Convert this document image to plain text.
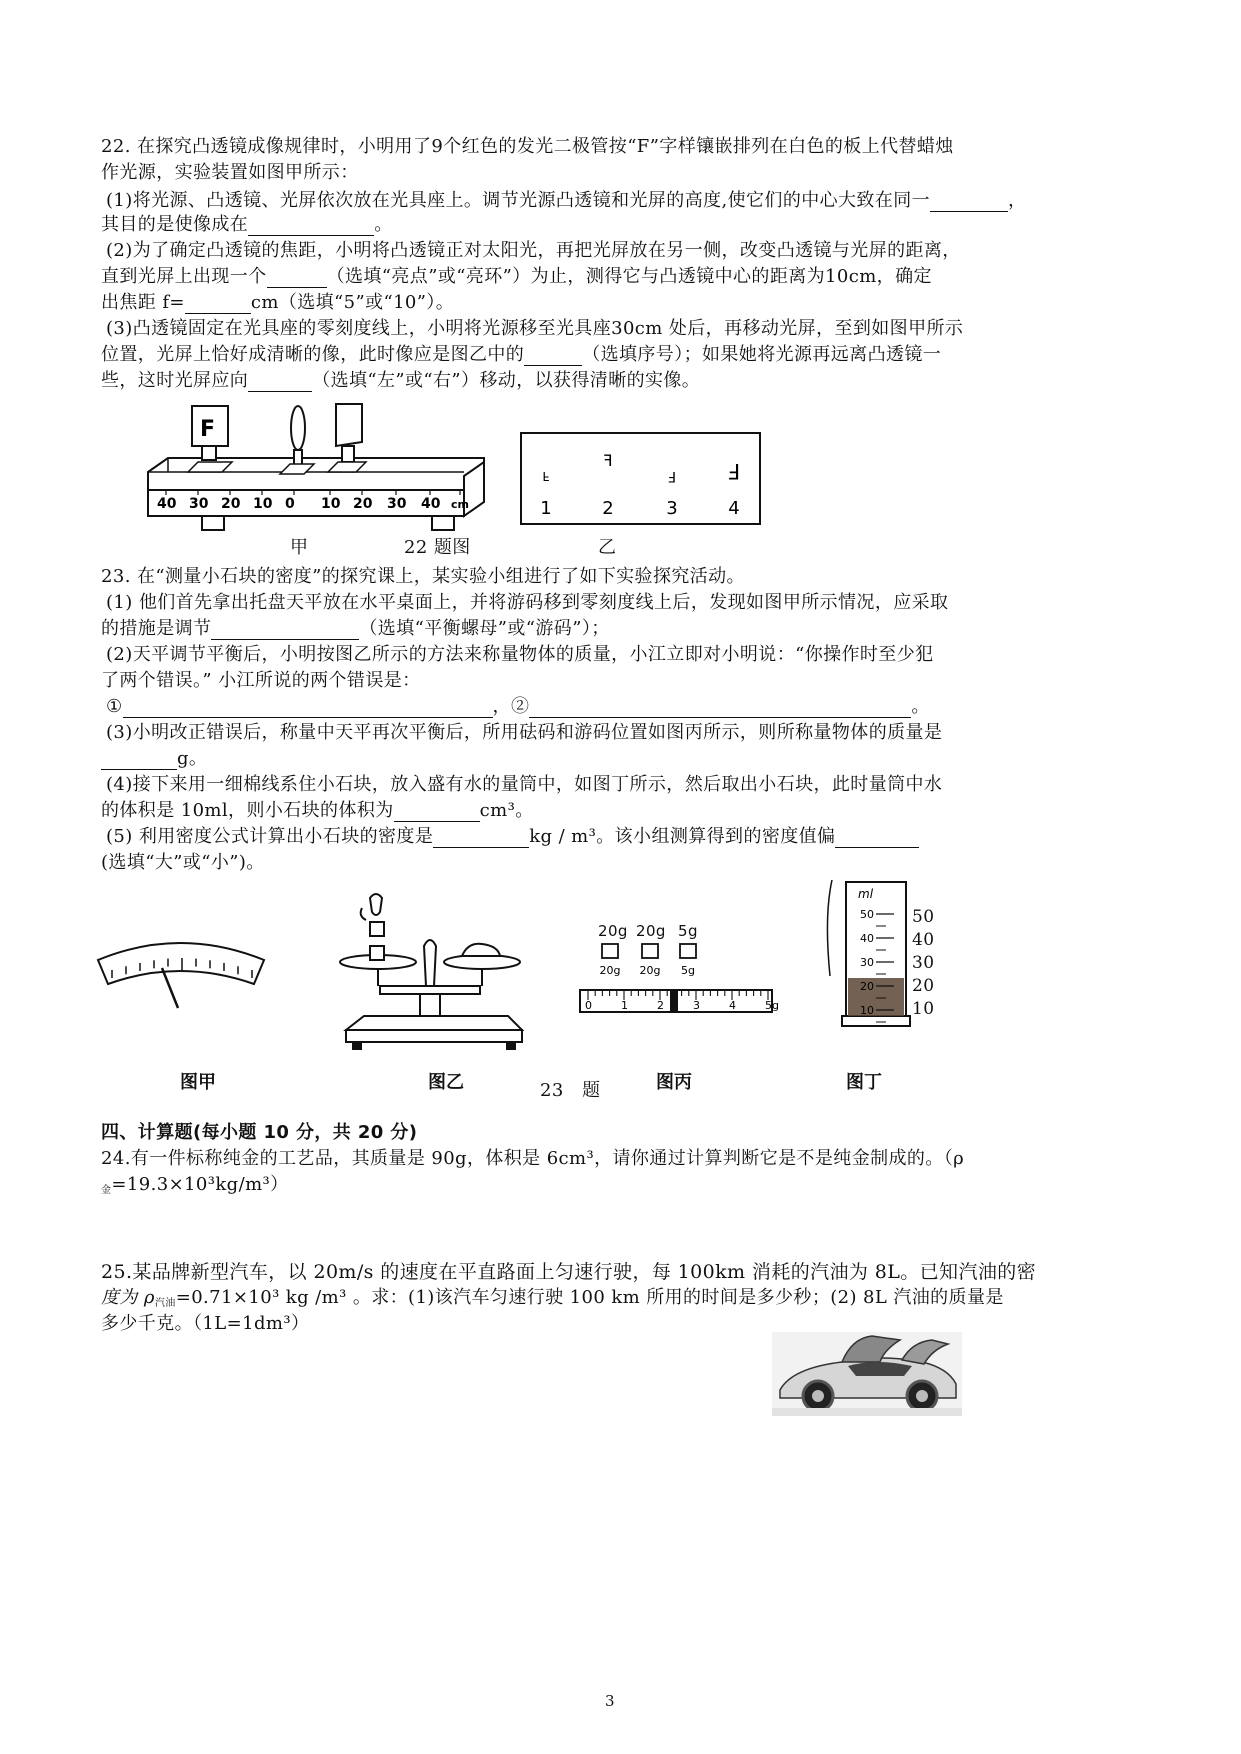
22. 在探究凸透镜成像规律时，小明用了9个红色的发光二极管按“F”字样镶嵌排列在白色的板上代替蜡烛
作光源，实验装置如图甲所示：
(1)将光源、凸透镜、光屏依次放在光具座上。调节光源凸透镜和光屏的高度,使它们的中心大致在同一	，
其目的是使像成在	。
(2)为了确定凸透镜的焦距，小明将凸透镜正对太阳光，再把光屏放在另一侧，改变凸透镜与光屏的距离，
直到光屏上出现一个	（选填“亮点”或“亮环”）为止，测得它与凸透镜中心的距离为10cm，确定
出焦距 f=	cm（选填“5”或“10”）。
(3)凸透镜固定在光具座的零刻度线上，小明将光源移至光具座30cm 处后，再移动光屏，至到如图甲所示
位置，光屏上恰好成清晰的像，此时像应是图乙中的	（选填序号）；如果她将光源再远离凸透镜一
些，这时光屏应向	（选填“左”或“右”）移动，以获得清晰的实像。
F
40 30 20 10 0 10 20 30 40 cm
F
1
F
2
F
3
F
4
甲	22 题图	乙
23. 在“测量小石块的密度”的探究课上，某实验小组进行了如下实验探究活动。
(1) 他们首先拿出托盘天平放在水平桌面上，并将游码移到零刻度线上后，发现如图甲所示情况，应采取
的措施是调节	（选填“平衡螺母”或“游码”）；
(2)天平调节平衡后，小明按图乙所示的方法来称量物体的质量，小江立即对小明说：“你操作时至少犯
了两个错误。” 小江所说的两个错误是：
①	，②	。
(3)小明改正错误后，称量中天平再次平衡后，所用砝码和游码位置如图丙所示，则所称量物体的质量是
g。
(4)接下来用一细棉线系住小石块，放入盛有水的量筒中，如图丁所示，然后取出小石块，此时量筒中水
的体积是 10ml，则小石块的体积为	cm³。
(5) 利用密度公式计算出小石块的密度是	kg / m³。该小组测算得到的密度值偏
(选填“大”或“小”)。
20g 20g 5g
20g 20g 5g
0	1	2	3	4	5g
ml
50
40
30
20
10
50
40
30
20
10
图甲	图乙	23　题	图丙	图丁
四、计算题(每小题 10 分，共 20 分)
24.有一件标称纯金的工艺品，其质量是 90g，体积是 6cm³，请你通过计算判断它是不是纯金制成的。（ρ
金=19.3×10³kg/m³）
25.某品牌新型汽车，以 20m/s 的速度在平直路面上匀速行驶，每 100km 消耗的汽油为 8L。已知汽油的密
度为 ρ汽油=0.71×10³ kg /m³ 。求：(1)该汽车匀速行驶 100 km 所用的时间是多少秒；(2) 8L 汽油的质量是
多少千克。（1L=1dm³）
3
